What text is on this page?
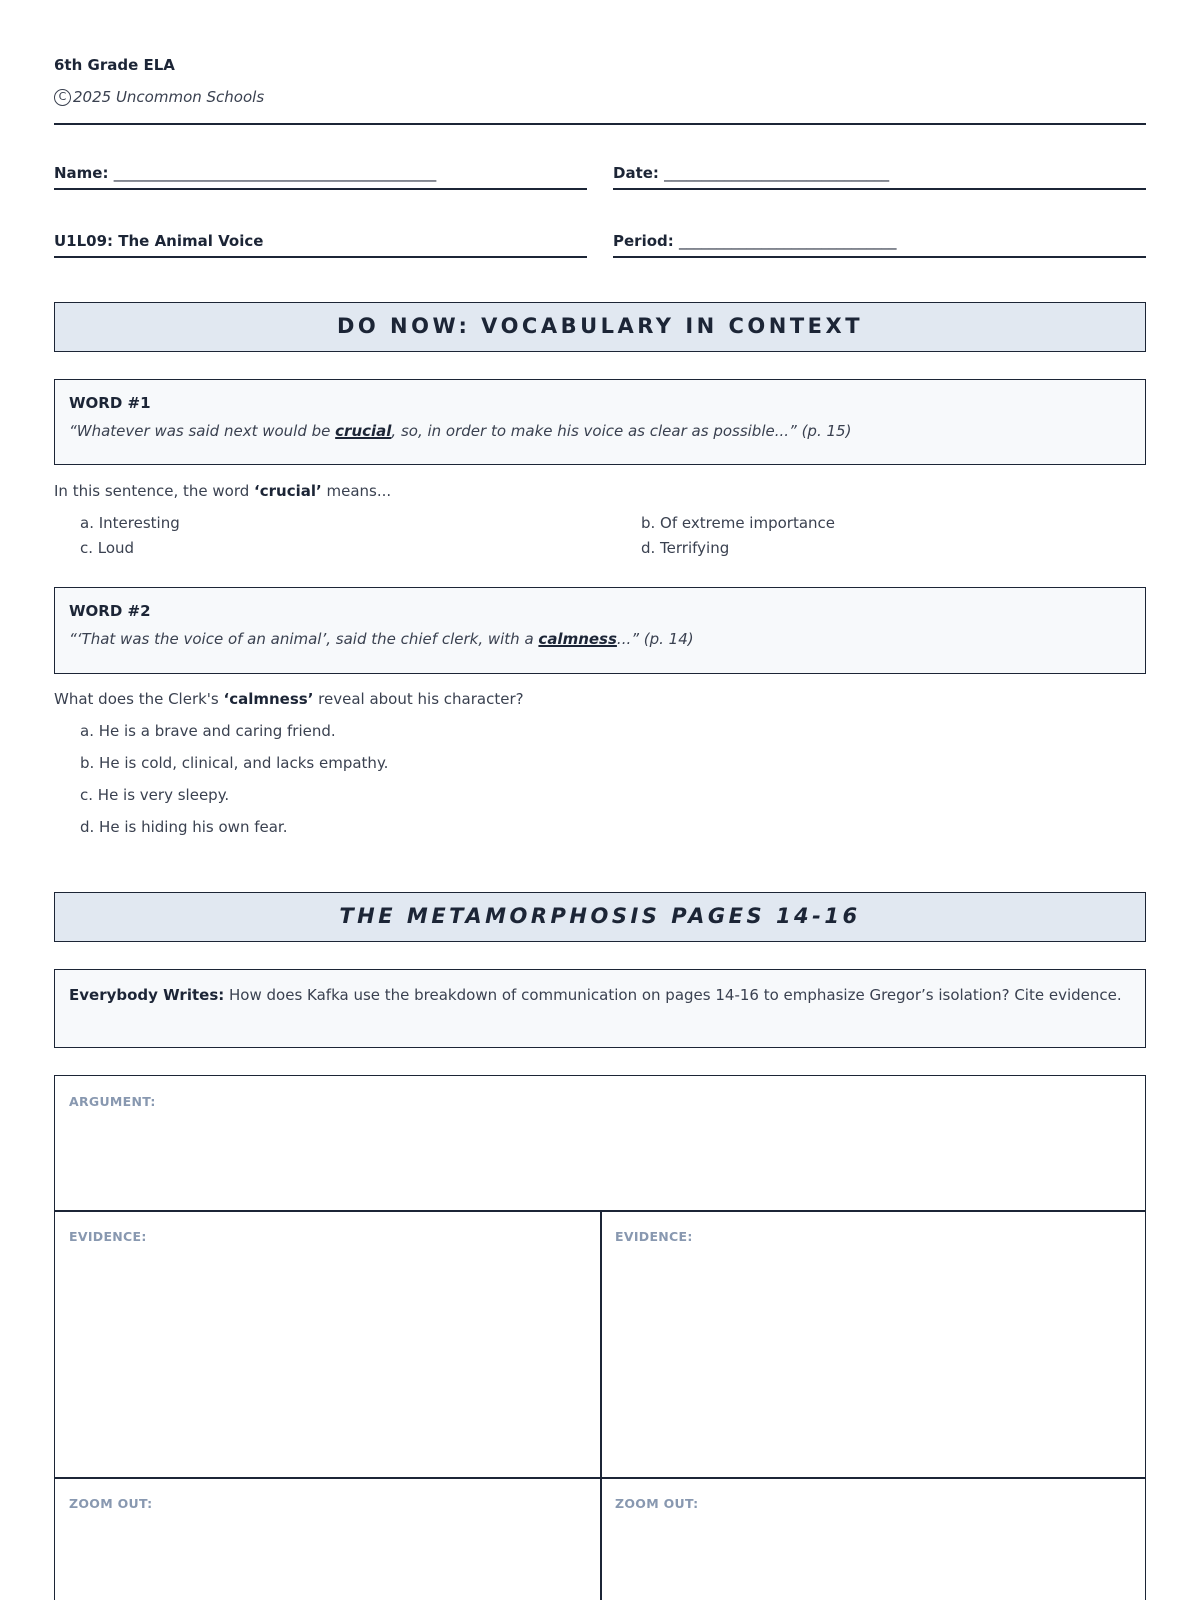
6th Grade ELA
C 2025 Uncommon Schools
Name: ___________________________________________	Date: ______________________________
U1L09: The Animal Voice	Period: _____________________________
DO NOW: VOCABULARY IN CONTEXT
WORD #1
“Whatever was said next would be crucial, so, in order to make his voice as clear as possible...” (p. 15)
In this sentence, the word ‘crucial’ means...
a. Interesting	b. Of extreme importance
c. Loud	d. Terrifying
WORD #2
“‘That was the voice of an animal’, said the chief clerk, with a calmness...” (p. 14)
What does the Clerk's ‘calmness’ reveal about his character?
a. He is a brave and caring friend.
b. He is cold, clinical, and lacks empathy.
c. He is very sleepy.
d. He is hiding his own fear.
THE METAMORPHOSIS PAGES 14-16
Everybody Writes: How does Kafka use the breakdown of communication on pages 14-16 to emphasize Gregor’s isolation? Cite evidence.
ARGUMENT:
EVIDENCE:	EVIDENCE:
ZOOM OUT:	ZOOM OUT:
